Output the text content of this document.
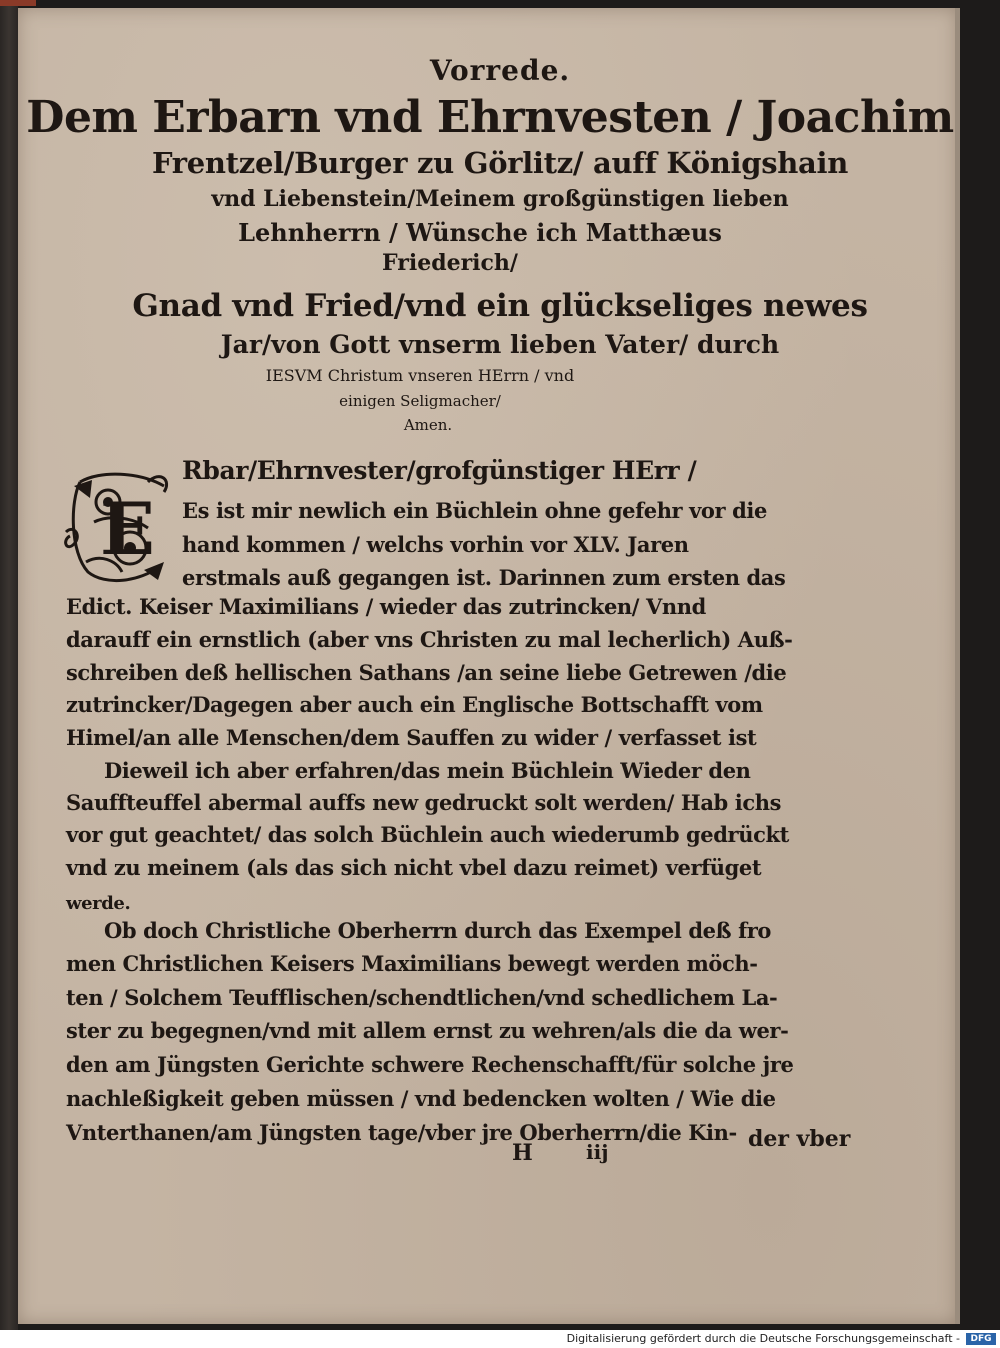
Vorrede.
Dem Erbarn vnd Ehrnvesten / Joachim
Frentzel/Burger zu Görlitz/ auff Königshain
vnd Liebenstein/Meinem großgünstigen lieben
Lehnherrn / Wünsche ich Matthæus
Friederich/
Gnad vnd Fried/vnd ein glückseliges newes
Jar/von Gott vnserm lieben Vater/ durch
IESVM Christum vnseren HErrn / vnd
einigen Seligmacher/
Amen.
E
Rbar/Ehrnvester/grofgünstiger HErr /
Es ist mir newlich ein Büchlein ohne gefehr vor die
hand kommen / welchs vorhin vor XLV. Jaren
erstmals auß gegangen ist. Darinnen zum ersten das
Edict. Keiser Maximilians / wieder das zutrincken/ Vnnd
darauff ein ernstlich (aber vns Christen zu mal lecherlich) Auß-
schreiben deß hellischen Sathans /an seine liebe Getrewen /die
zutrincker/Dagegen aber auch ein Englische Bottschafft vom
Himel/an alle Menschen/dem Sauffen zu wider / verfasset ist
Dieweil ich aber erfahren/das mein Büchlein Wieder den
Sauffteuffel abermal auffs new gedruckt solt werden/ Hab ichs
vor gut geachtet/ das solch Büchlein auch wiederumb gedrückt
vnd zu meinem (als das sich nicht vbel dazu reimet) verfüget
werde.
Ob doch Christliche Oberherrn durch das Exempel deß fro
men Christlichen Keisers Maximilians bewegt werden möch-
ten / Solchem Teufflischen/schendtlichen/vnd schedlichem La-
ster zu begegnen/vnd mit allem ernst zu wehren/als die da wer-
den am Jüngsten Gerichte schwere Rechenschafft/für solche jre
nachleßigkeit geben müssen / vnd bedencken wolten / Wie die
Vnterthanen/am Jüngsten tage/vber jre Oberherrn/die Kin-
H	iij	der vber
Digitalisierung gefördert durch die Deutsche Forschungsgemeinschaft -	DFG
